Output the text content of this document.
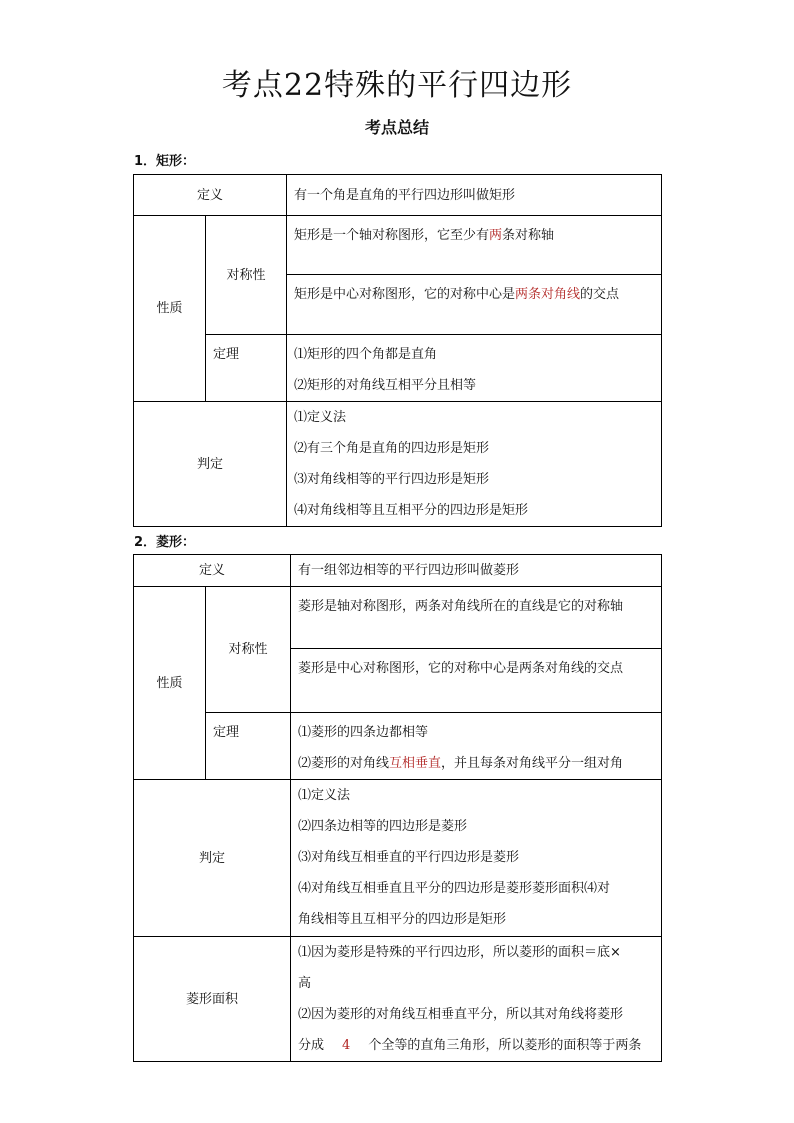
考点22特殊的平行四边形
考点总结
1．矩形：
定义		有一个角是直角的平行四边形叫做矩形
性质	对称性	矩形是一个轴对称图形，它至少有两条对称轴
		矩形是中心对称图形，它的对称中心是两条对角线的交点
	定理	⑴矩形的四个角都是直角
⑵矩形的对角线互相平分且相等

判定		⑴定义法
⑵有三个角是直角的四边形是矩形
⑶对角线相等的平行四边形是矩形
⑷对角线相等且互相平分的四边形是矩形
2．菱形：
定义		有一组邻边相等的平行四边形叫做菱形
性质	对称性	菱形是轴对称图形，两条对角线所在的直线是它的对称轴
		菱形是中心对称图形，它的对称中心是两条对角线的交点
	定理	⑴菱形的四条边都相等
⑵菱形的对角线互相垂直，并且每条对角线平分一组对角

判定		⑴定义法
⑵四条边相等的四边形是菱形
⑶对角线互相垂直的平行四边形是菱形
⑷对角线互相垂直且平分的四边形是菱形菱形面积⑷对
角线相等且互相平分的四边形是矩形

菱形面积		⑴因为菱形是特殊的平行四边形，所以菱形的面积＝底×
高
⑵因为菱形的对角线互相垂直平分，所以其对角线将菱形
分成 4 个全等的直角三角形，所以菱形的面积等于两条
